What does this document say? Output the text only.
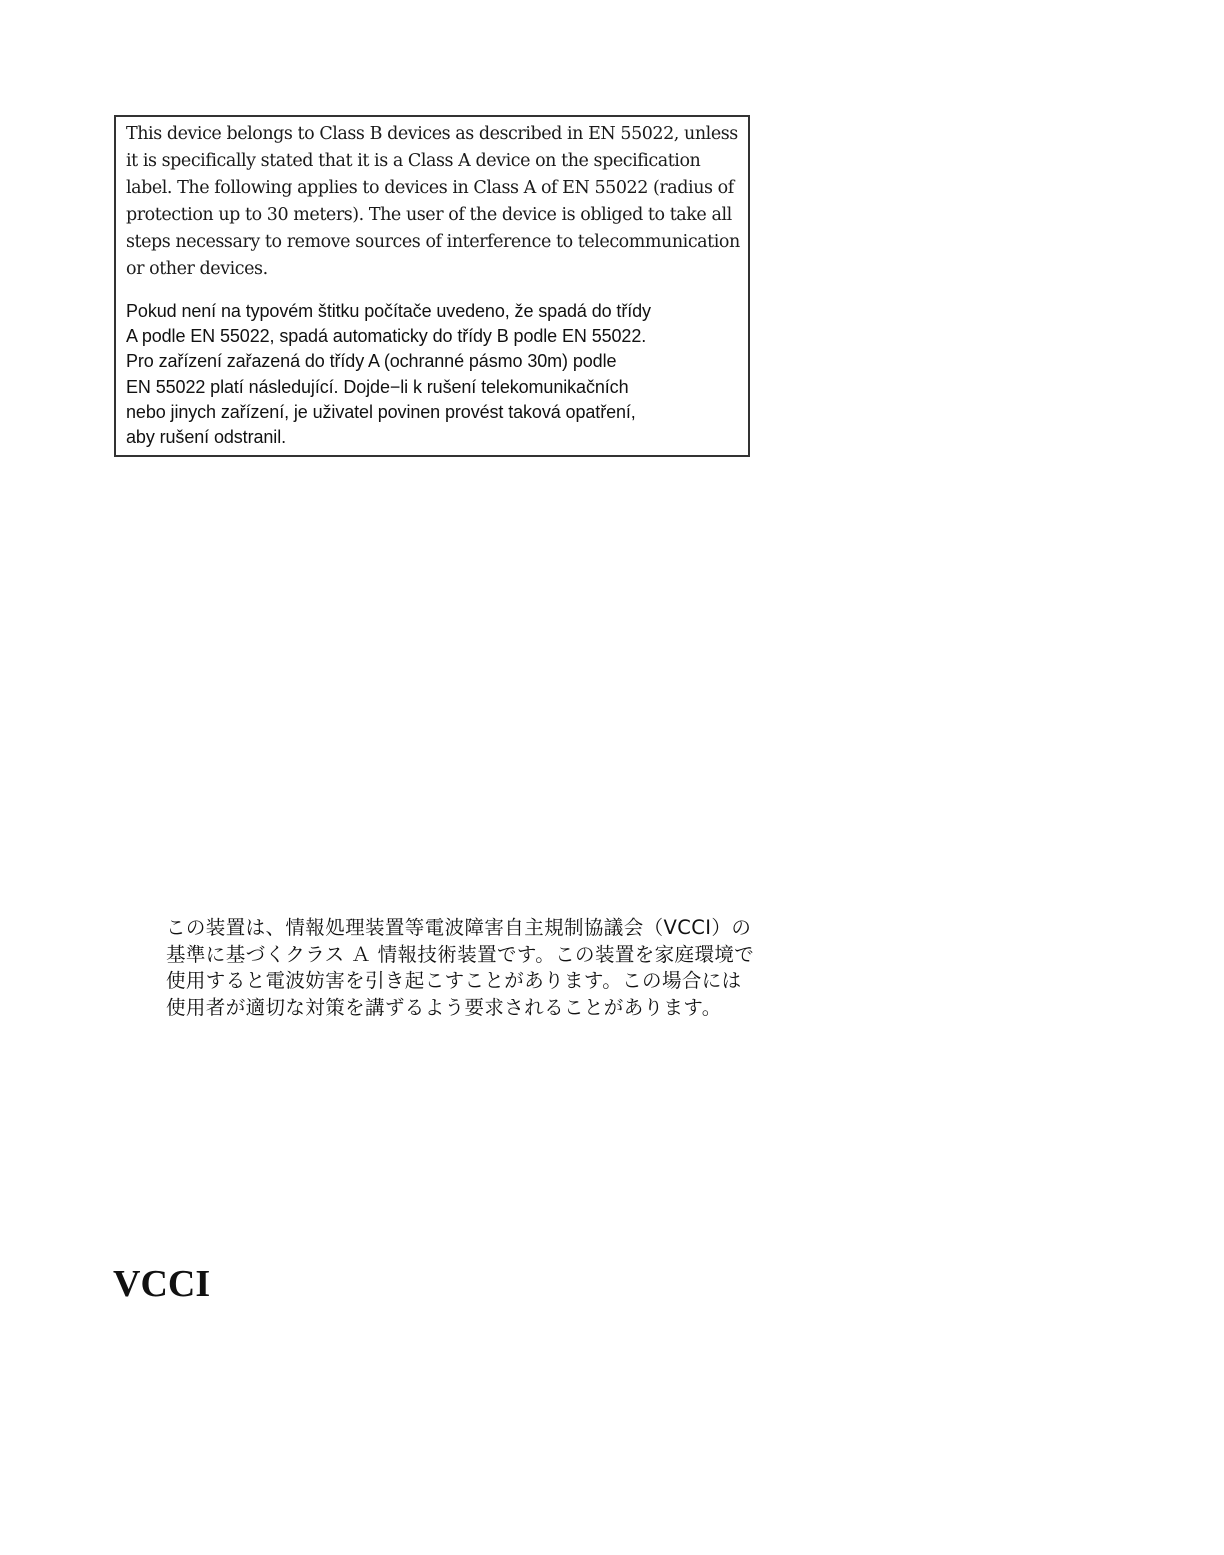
This device belongs to Class B devices as described in EN 55022, unless
it is specifically stated that it is a Class A device on the specification
label. The following applies to devices in Class A of EN 55022 (radius of
protection up to 30 meters). The user of the device is obliged to take all
steps necessary to remove sources of interference to telecommunication
or other devices.

Pokud není na typovém štitku počítače uvedeno, že spadá do třídy
A podle EN 55022, spadá automaticky do třídy B podle EN 55022.
Pro zařízení zařazená do třídy A (ochranné pásmo 30m) podle
EN 55022 platí následující. Dojde−li k rušení telekomunikačních
nebo jinych zařízení, je uživatel povinen provést taková opatření,
aby rušení odstranil.

この装置は、情報処理装置等電波障害自主規制協議会（VCCI）の
基準に基づくクラス Ａ 情報技術装置です。この装置を家庭環境で
使用すると電波妨害を引き起こすことがあります。この場合には
使用者が適切な対策を講ずるよう要求されることがあります。

VCCI
